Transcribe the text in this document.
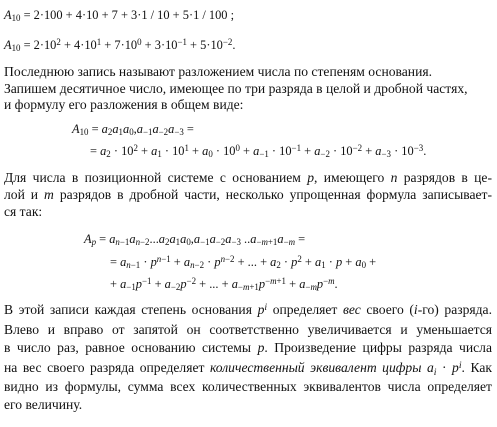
$A_{10} = 2\cdot 100 + 4\cdot 10 + 7 + 3\cdot 1 / 10 + 5\cdot 1 / 100$ ;
$A_{10} = 2\cdot 10^2 + 4\cdot 10^1 + 7\cdot 10^0 + 3\cdot 10^{-1} + 5\cdot 10^{-2}$.
Последнюю запись называют разложением числа по степеням основания.
Запишем десятичное число, имеющее по три разряда в целой и дробной частях,
и формулу его разложения в общем виде:
$A_{10} = a_2a_1a_0,a_{-1}a_{-2}a_{-3}$ =
= $a_2 \cdot 10^2 + a_1 \cdot 10^1 + a_0 \cdot 10^0 + a_{-1} \cdot 10^{-1} + a_{-2} \cdot 10^{-2} + a_{-3} \cdot 10^{-3}$.
Для числа в позиционной системе с основанием p, имеющего n разрядов в це-
лой и m разрядов в дробной части, несколько упрощенная формула записывает-
ся так:
$A_p = a_{n-1}a_{n-2}...a_2a_1a_0,a_{-1}a_{-2}a_{-3}$ $..a_{-m+1}a_{-m}$ =
= $a_{n-1} \cdot p^{n-1} + a_{n-2} \cdot p^{n-2}$ + ... + $a_2 \cdot p^2 + a_1 \cdot p + a_0$ +
+ $a_{-1}p^{-1} + a_{-2}p^{-2}$ + ... + $a_{-m+1}p^{-m+1} + a_{-m}p^{-m}$.
В этой записи каждая степень основания $p^i$ определяет вес своего (i-го) разряда.
Влево и вправо от запятой он соответственно увеличивается и уменьшается
в число раз, равное основанию системы p. Произведение цифры разряда числа
на вес своего разряда определяет количественный эквивалент цифры $a_i \cdot p^i$. Как
видно из формулы, сумма всех количественных эквивалентов числа определяет
его величину.
